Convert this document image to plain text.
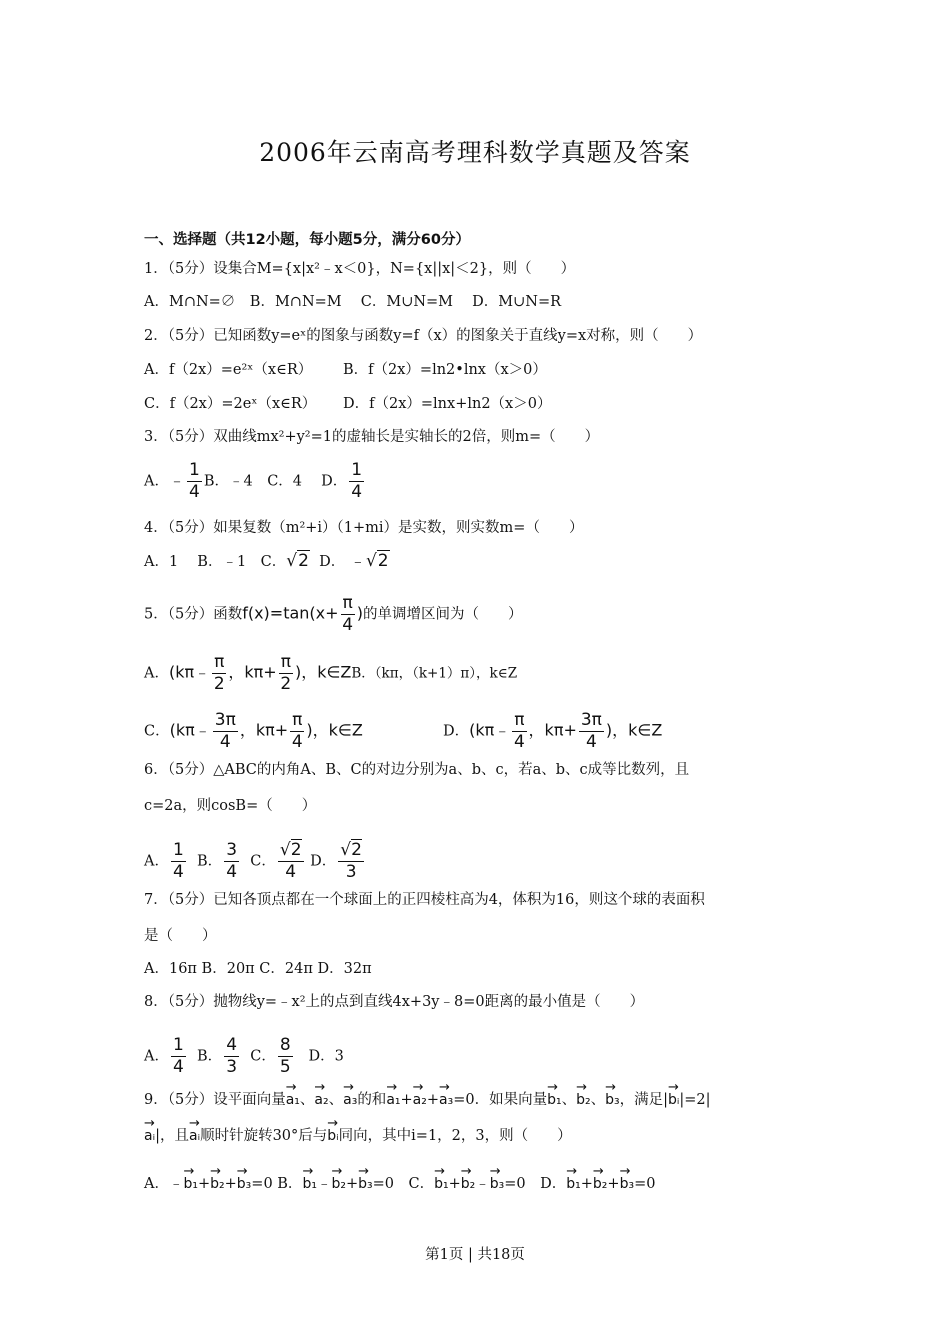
2006年云南高考理科数学真题及答案
一、选择题（共12小题，每小题5分，满分60分）
1．（5分）设集合M={x|x²﹣x＜0}，N={x||x|＜2}，则（　　）
A．M∩N=∅　B．M∩N=M　 C．M∪N=M　 D．M∪N=R
2．（5分）已知函数y=eˣ的图象与函数y=f（x）的图象关于直线y=x对称，则（　　）
A．f（2x）=e²ˣ（x∈R） B．f（2x）=ln2•lnx（x＞0）
C．f（2x）=2eˣ（x∈R） D．f（2x）=lnx+ln2（x＞0）
3．（5分）双曲线mx²+y²=1的虚轴长是实轴长的2倍，则m=（　　）
A．﹣ $\frac{1}{4}$ B．﹣4　C．4　 D． $\frac{1}{4}$
4．（5分）如果复数（m²+i）（1+mi）是实数，则实数m=（　　）
A．1　 B．﹣1　C．√2 D． ﹣√2
5．（5分）函数$f(x)=\tan(x+ \frac{\pi}{4}$ )的单调增区间为（　　）
A．(kπ﹣ $\frac{\pi}{2}$ ，$k\pi+ \frac{\pi}{2}$ )，k∈ZB．（kπ，（k+1）π），k∈Z
C．(kπ﹣ $\frac{3\pi}{4}$ ，$k\pi+ \frac{\pi}{4}$ )，k∈Z	D．(kπ﹣ $\frac{\pi}{4}$ ，$k\pi+ \frac{3\pi}{4}$ )，k∈Z
6．（5分）△ABC的内角A、B、C的对边分别为a、b、c，若a、b、c成等比数列，且
c=2a，则cosB=（　　）
A． $\frac{1}{4}$ B． $\frac{3}{4}$ C． $\frac{√2}{4}$ D． $\frac{√2}{3}$
7．（5分）已知各顶点都在一个球面上的正四棱柱高为4，体积为16，则这个球的表面积
是（　　）
A．16π B．20π C．24π D．32π
8．（5分）抛物线y=﹣x²上的点到直线4x+3y﹣8=0距离的最小值是（　　）
A． $\frac{1}{4}$ B． $\frac{4}{3}$ C． $\frac{8}{5}$ D．3
9．（5分）设平面向量→ a₁、→ a₂、→ a₃的和→ a₁+→ a₂+→ a₃=0．如果向量→ b₁、→ b₂、→ b₃，满足|→ bᵢ|=2|
→ aᵢ|，且→ aᵢ顺时针旋转30°后与→ bᵢ同向，其中i=1，2，3，则（　　）
A．﹣→ b₁+→ b₂+→ b₃=0 B．→ b₁﹣→ b₂+→ b₃=0　C．→ b₁+→ b₂﹣→ b₃=0　D．→ b₁+→ b₂+→ b₃=0
第1页 | 共18页
